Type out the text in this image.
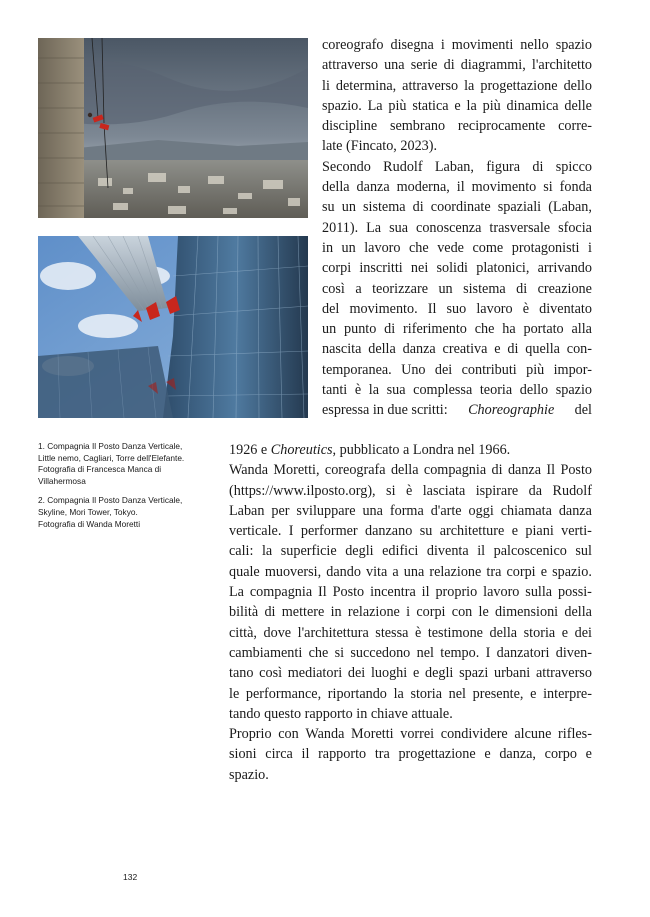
coreografo disegna i movimenti nello spazio

attraverso una serie di diagrammi, l'architetto

li determina, attraverso la progettazione dello

spazio. La più statica e la più dinamica delle

discipline sembrano reciprocamente corre-

late (Fincato, 2023).

Secondo Rudolf Laban, figura di spicco

della danza moderna, il movimento si fonda

su un sistema di coordinate spaziali (Laban,

2011). La sua conoscenza trasversale sfocia

in un lavoro che vede come protagonisti i

corpi inscritti nei solidi platonici, arrivando

così a teorizzare un sistema di creazione

del movimento. Il suo lavoro è diventato

un punto di riferimento che ha portato alla

nascita della danza creativa e di quella con-

temporanea. Uno dei contributi più impor-

tanti è la sua complessa teoria dello spazio

espressa in due scritti: Choreographie del

1926 e Choreutics, pubblicato a Londra nel 1966.

Wanda Moretti, coreografa della compagnia di danza Il Posto

(https://www.ilposto.org), si è lasciata ispirare da Rudolf

Laban per sviluppare una forma d'arte oggi chiamata danza

verticale. I performer danzano su architetture e piani verti-

cali: la superficie degli edifici diventa il palcoscenico sul

quale muoversi, dando vita a una relazione tra corpi e spazio.

La compagnia Il Posto incentra il proprio lavoro sulla possi-

bilità di mettere in relazione i corpi con le dimensioni della

città, dove l'architettura stessa è testimone della storia e dei

cambiamenti che si succedono nel tempo. I danzatori diven-

tano così mediatori dei luoghi e degli spazi urbani attraverso

le performance, riportando la storia nel presente, e interpre-

tando questo rapporto in chiave attuale.

Proprio con Wanda Moretti vorrei condividere alcune rifles-

sioni circa il rapporto tra progettazione e danza, corpo e

spazio.

1. Compagnia Il Posto Danza Verticale,

Little nemo, Cagliari, Torre dell'Elefante.

Fotografia di Francesca Manca di

Villahermosa

2. Compagnia Il Posto Danza Verticale,

Skyline, Mori Tower, Tokyo.

Fotografia di Wanda Moretti

132
